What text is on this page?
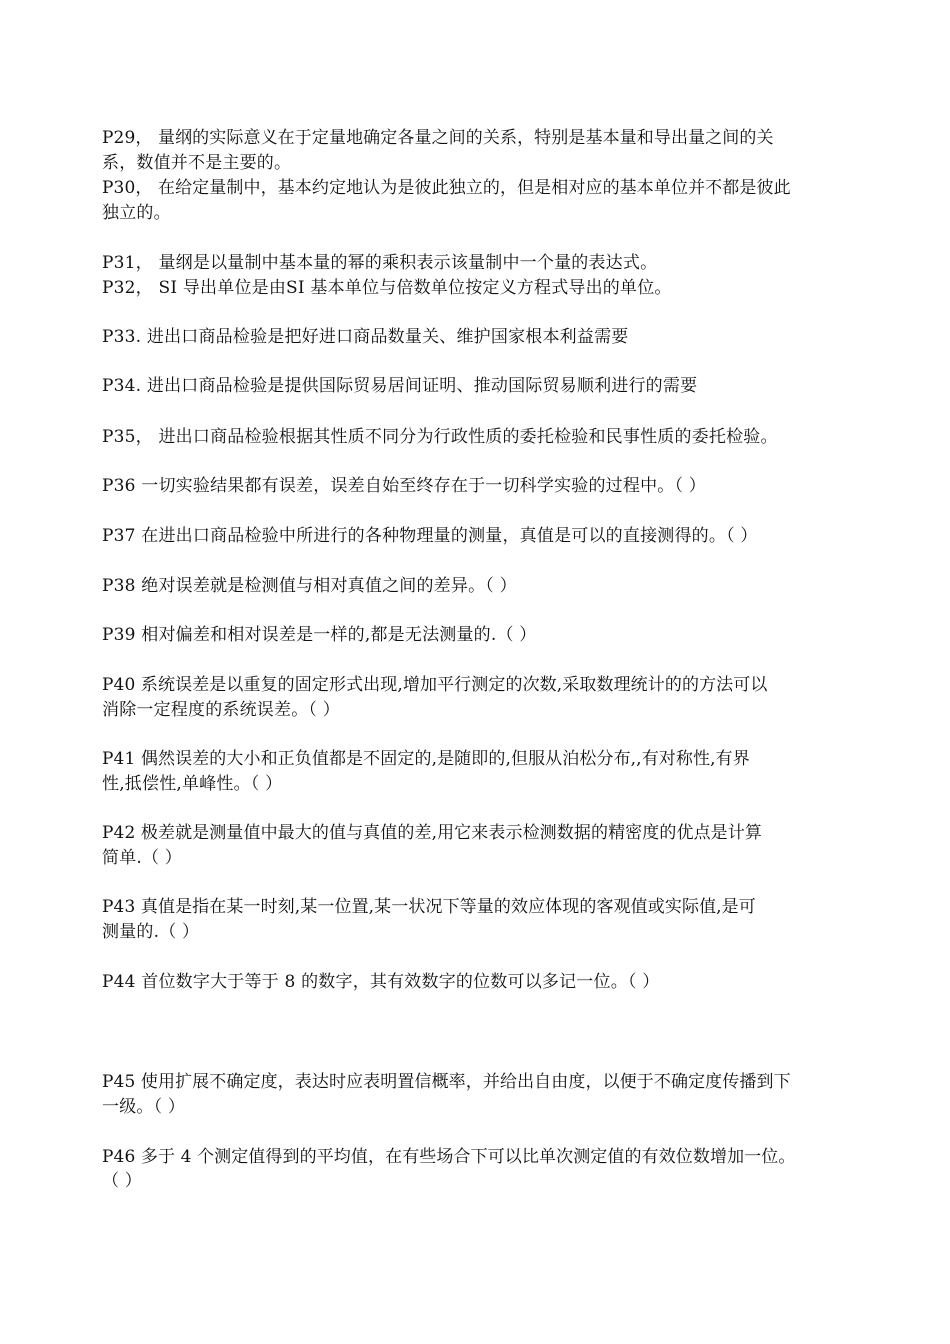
P29， 量纲的实际意义在于定量地确定各量之间的关系，特别是基本量和导出量之间的关
系，数值并不是主要的。
P30， 在给定量制中，基本约定地认为是彼此独立的，但是相对应的基本单位并不都是彼此
独立的。
P31， 量纲是以量制中基本量的幂的乘积表示该量制中一个量的表达式。
P32， SI 导出单位是由SI 基本单位与倍数单位按定义方程式导出的单位。
P33. 进出口商品检验是把好进口商品数量关、维护国家根本利益需要
P34. 进出口商品检验是提供国际贸易居间证明、推动国际贸易顺利进行的需要
P35， 进出口商品检验根据其性质不同分为行政性质的委托检验和民事性质的委托检验。
P36 一切实验结果都有误差，误差自始至终存在于一切科学实验的过程中。（ ）
P37 在进出口商品检验中所进行的各种物理量的测量，真值是可以的直接测得的。（ ）
P38 绝对误差就是检测值与相对真值之间的差异。（ ）
P39 相对偏差和相对误差是一样的,都是无法测量的.（ ）
P40 系统误差是以重复的固定形式出现,增加平行测定的次数,采取数理统计的的方法可以
消除一定程度的系统误差。（ ）
P41 偶然误差的大小和正负值都是不固定的,是随即的,但服从泊松分布,,有对称性,有界
性,抵偿性,单峰性。（ ）
P42 极差就是测量值中最大的值与真值的差,用它来表示检测数据的精密度的优点是计算
简单.（ ）
P43 真值是指在某一时刻,某一位置,某一状况下等量的效应体现的客观值或实际值,是可
测量的.（ ）
P44 首位数字大于等于 8 的数字，其有效数字的位数可以多记一位。（ ）
P45 使用扩展不确定度，表达时应表明置信概率，并给出自由度，以便于不确定度传播到下
一级。（ ）
P46 多于 4 个测定值得到的平均值，在有些场合下可以比单次测定值的有效位数增加一位。
（ ）
